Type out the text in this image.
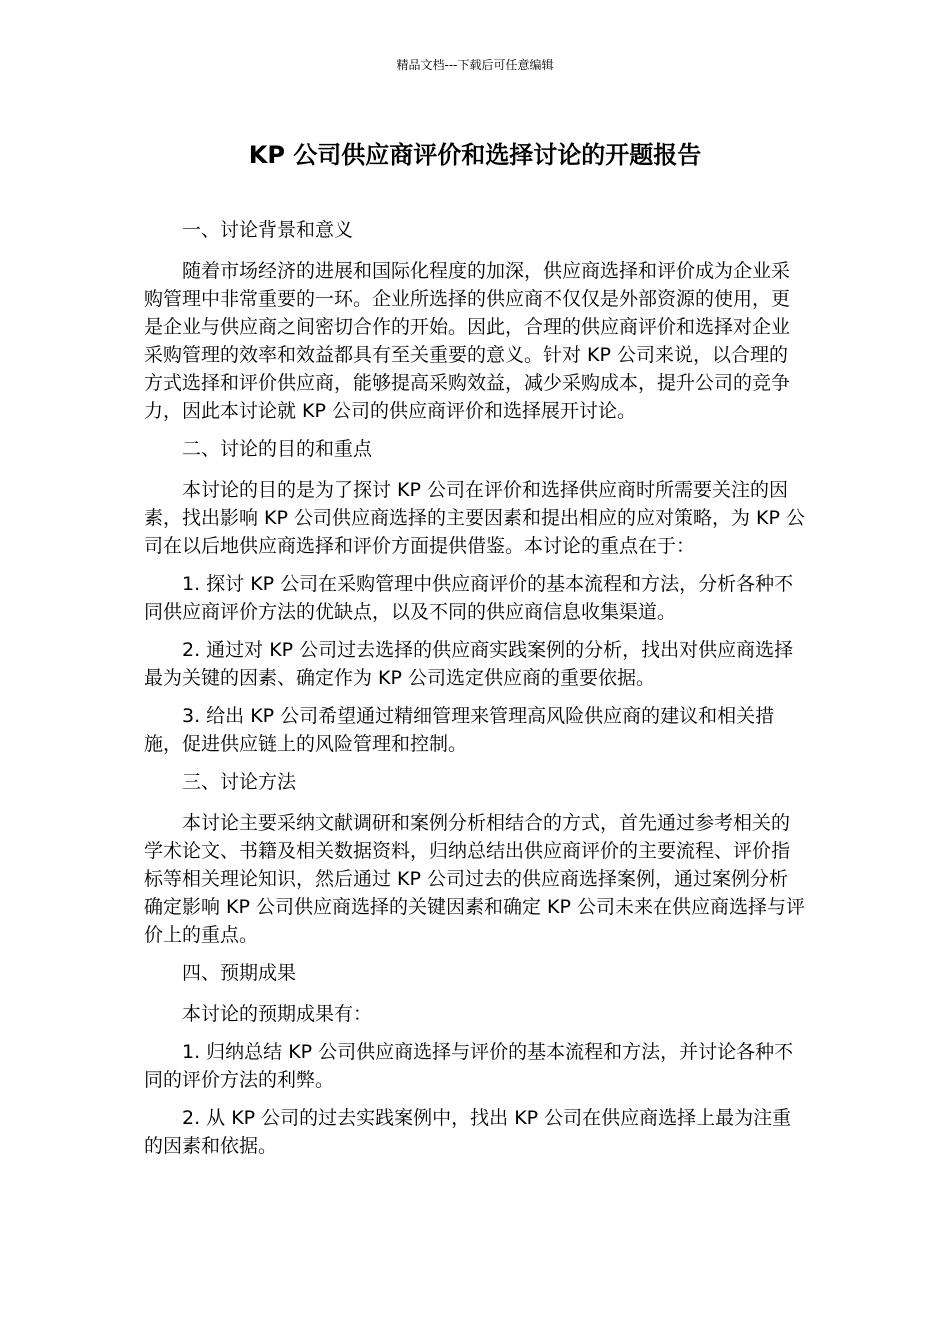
精品文档---下载后可任意编辑
KP 公司供应商评价和选择讨论的开题报告

一、讨论背景和意义

随着市场经济的进展和国际化程度的加深，供应商选择和评价成为企业采购管理中非常重要的一环。企业所选择的供应商不仅仅是外部资源的使用，更是企业与供应商之间密切合作的开始。因此，合理的供应商评价和选择对企业采购管理的效率和效益都具有至关重要的意义。针对 KP 公司来说，以合理的方式选择和评价供应商，能够提高采购效益，减少采购成本，提升公司的竞争力，因此本讨论就 KP 公司的供应商评价和选择展开讨论。

二、讨论的目的和重点

本讨论的目的是为了探讨 KP 公司在评价和选择供应商时所需要关注的因素，找出影响 KP 公司供应商选择的主要因素和提出相应的应对策略，为 KP 公司在以后地供应商选择和评价方面提供借鉴。本讨论的重点在于：

1. 探讨 KP 公司在采购管理中供应商评价的基本流程和方法，分析各种不同供应商评价方法的优缺点，以及不同的供应商信息收集渠道。

2. 通过对 KP 公司过去选择的供应商实践案例的分析，找出对供应商选择最为关键的因素、确定作为 KP 公司选定供应商的重要依据。

3. 给出 KP 公司希望通过精细管理来管理高风险供应商的建议和相关措施，促进供应链上的风险管理和控制。

三、讨论方法

本讨论主要采纳文献调研和案例分析相结合的方式，首先通过参考相关的学术论文、书籍及相关数据资料，归纳总结出供应商评价的主要流程、评价指标等相关理论知识，然后通过 KP 公司过去的供应商选择案例，通过案例分析确定影响 KP 公司供应商选择的关键因素和确定 KP 公司未来在供应商选择与评价上的重点。

四、预期成果

本讨论的预期成果有：

1. 归纳总结 KP 公司供应商选择与评价的基本流程和方法，并讨论各种不同的评价方法的利弊。

2. 从 KP 公司的过去实践案例中，找出 KP 公司在供应商选择上最为注重的因素和依据。
